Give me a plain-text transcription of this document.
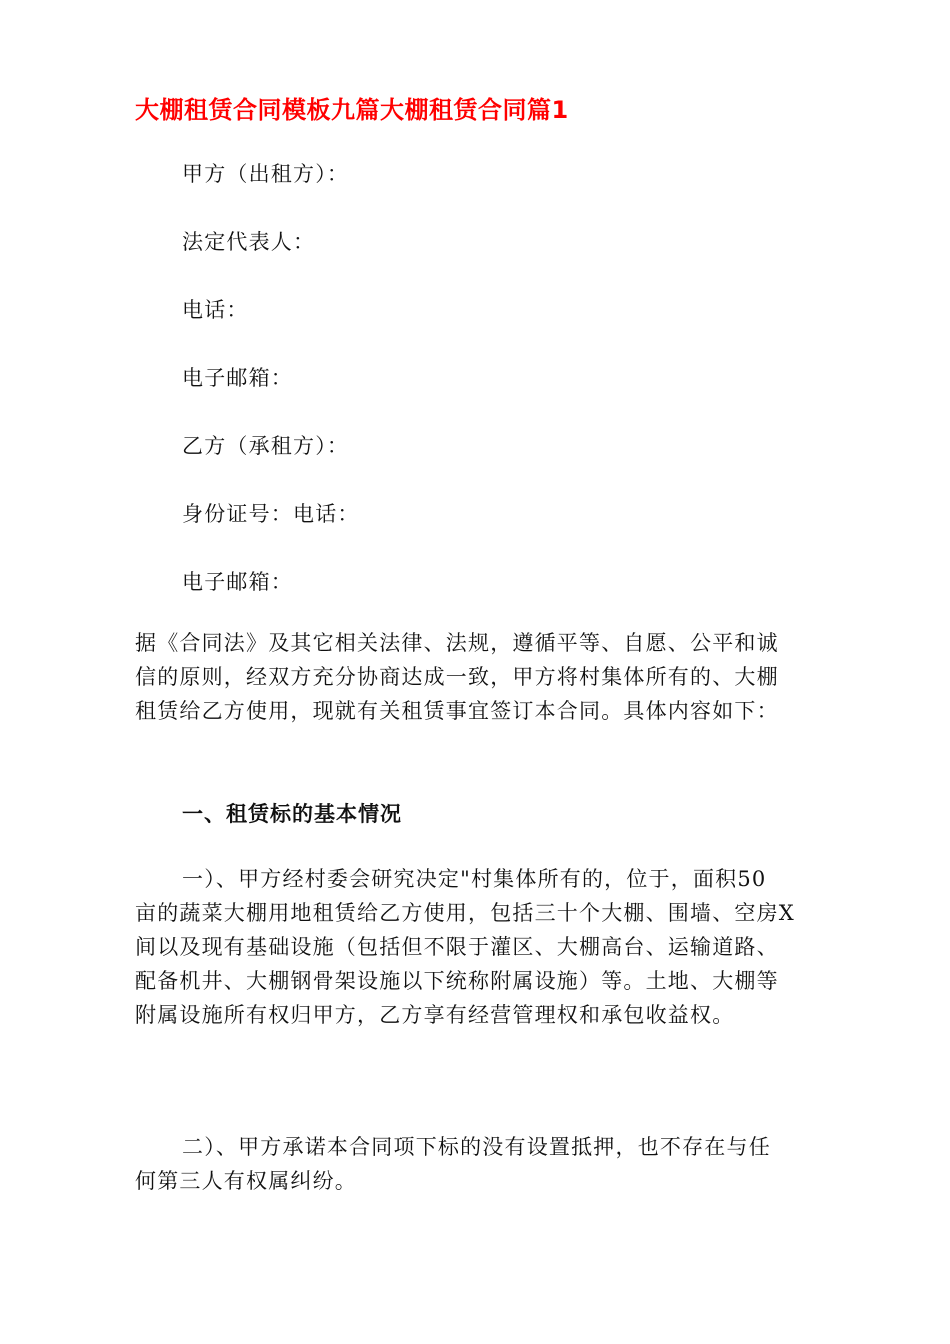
大棚租赁合同模板九篇大棚租赁合同篇1
甲方（出租方）：
法定代表人：
电话：
电子邮箱：
乙方（承租方）：
身份证号：电话：
电子邮箱：
据《合同法》及其它相关法律、法规，遵循平等、自愿、公平和诚
信的原则，经双方充分协商达成一致，甲方将村集体所有的、大棚
租赁给乙方使用，现就有关租赁事宜签订本合同。具体内容如下：
一、租赁标的基本情况
一）、甲方经村委会研究决定"村集体所有的，位于，面积50
亩的蔬菜大棚用地租赁给乙方使用，包括三十个大棚、围墙、空房X
间以及现有基础设施（包括但不限于灌区、大棚高台、运输道路、
配备机井、大棚钢骨架设施以下统称附属设施）等。土地、大棚等
附属设施所有权归甲方，乙方享有经营管理权和承包收益权。
二）、甲方承诺本合同项下标的没有设置抵押，也不存在与任
何第三人有权属纠纷。
